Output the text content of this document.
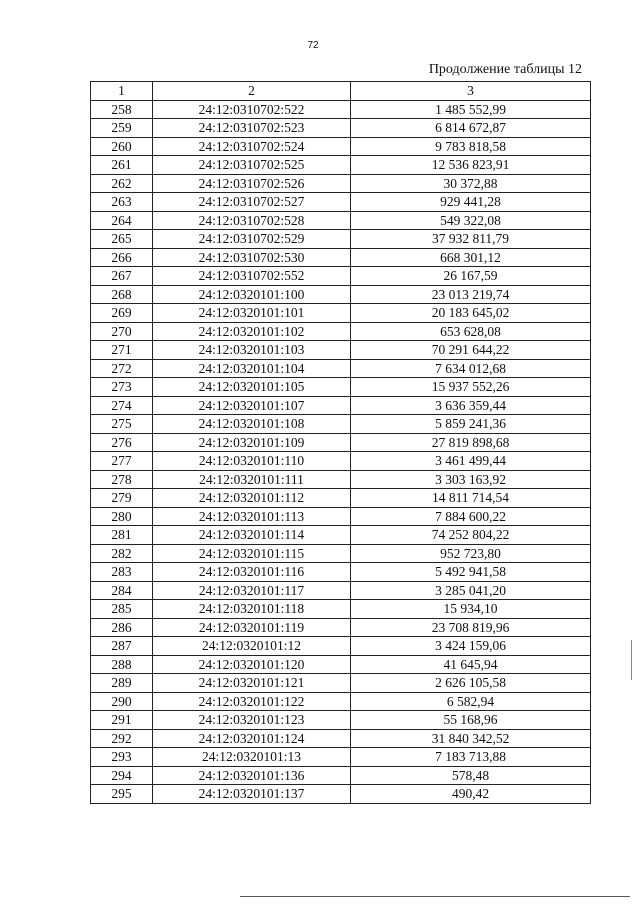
72
Продолжение таблицы 12
1	2	3
258	24:12:0310702:522	1 485 552,99
259	24:12:0310702:523	6 814 672,87
260	24:12:0310702:524	9 783 818,58
261	24:12:0310702:525	12 536 823,91
262	24:12:0310702:526	30 372,88
263	24:12:0310702:527	929 441,28
264	24:12:0310702:528	549 322,08
265	24:12:0310702:529	37 932 811,79
266	24:12:0310702:530	668 301,12
267	24:12:0310702:552	26 167,59
268	24:12:0320101:100	23 013 219,74
269	24:12:0320101:101	20 183 645,02
270	24:12:0320101:102	653 628,08
271	24:12:0320101:103	70 291 644,22
272	24:12:0320101:104	7 634 012,68
273	24:12:0320101:105	15 937 552,26
274	24:12:0320101:107	3 636 359,44
275	24:12:0320101:108	5 859 241,36
276	24:12:0320101:109	27 819 898,68
277	24:12:0320101:110	3 461 499,44
278	24:12:0320101:111	3 303 163,92
279	24:12:0320101:112	14 811 714,54
280	24:12:0320101:113	7 884 600,22
281	24:12:0320101:114	74 252 804,22
282	24:12:0320101:115	952 723,80
283	24:12:0320101:116	5 492 941,58
284	24:12:0320101:117	3 285 041,20
285	24:12:0320101:118	15 934,10
286	24:12:0320101:119	23 708 819,96
287	24:12:0320101:12	3 424 159,06
288	24:12:0320101:120	41 645,94
289	24:12:0320101:121	2 626 105,58
290	24:12:0320101:122	6 582,94
291	24:12:0320101:123	55 168,96
292	24:12:0320101:124	31 840 342,52
293	24:12:0320101:13	7 183 713,88
294	24:12:0320101:136	578,48
295	24:12:0320101:137	490,42
